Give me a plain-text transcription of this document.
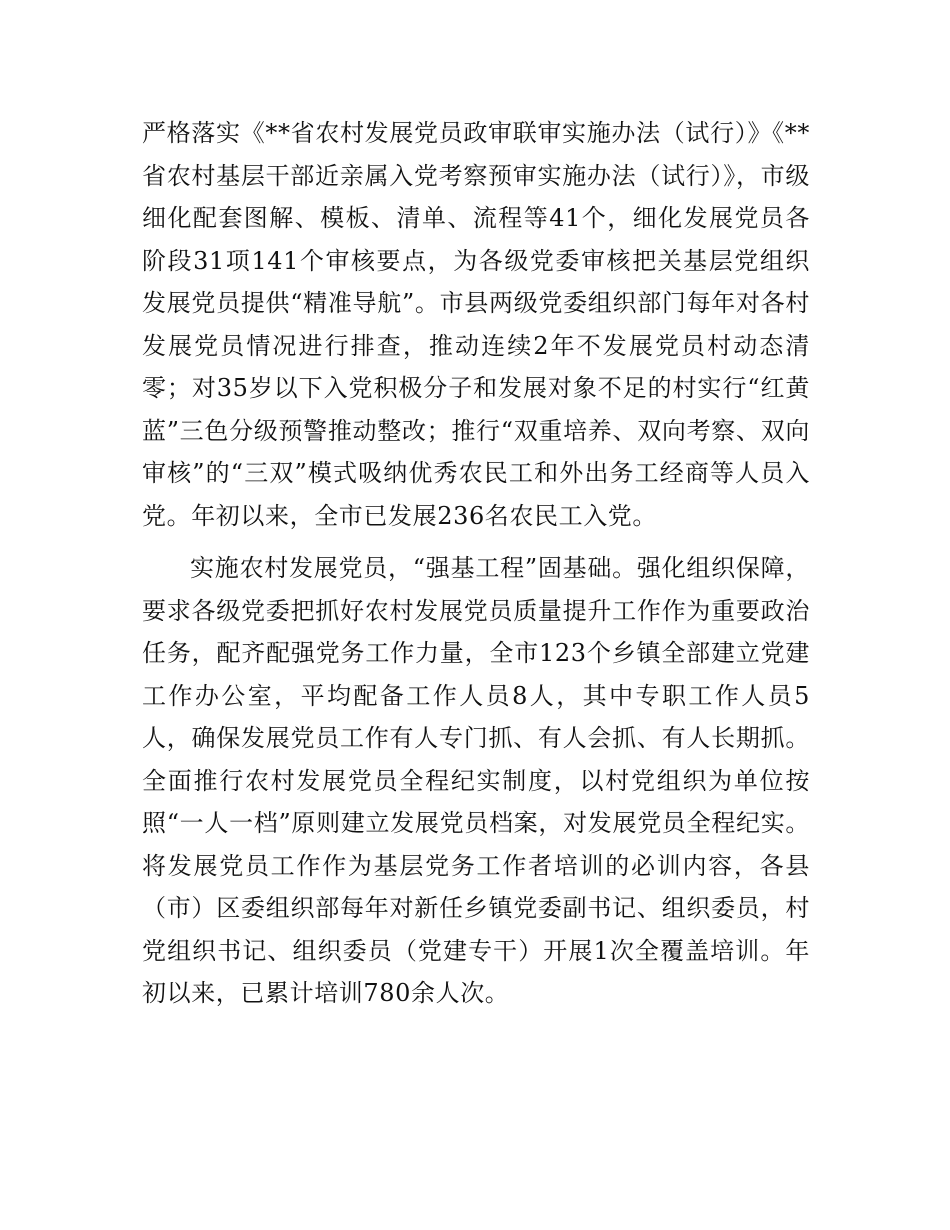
严格落实《**省农村发展党员政审联审实施办法（试行）》《**省农村基层干部近亲属入党考察预审实施办法（试行）》，市级细化配套图解、模板、清单、流程等41个，细化发展党员各阶段31项141个审核要点，为各级党委审核把关基层党组织发展党员提供“精准导航”。市县两级党委组织部门每年对各村发展党员情况进行排查，推动连续2年不发展党员村动态清零；对35岁以下入党积极分子和发展对象不足的村实行“红黄蓝”三色分级预警推动整改；推行“双重培养、双向考察、双向审核”的“三双”模式吸纳优秀农民工和外出务工经商等人员入党。年初以来，全市已发展236名农民工入党。

实施农村发展党员，“强基工程”固基础。强化组织保障，要求各级党委把抓好农村发展党员质量提升工作作为重要政治任务，配齐配强党务工作力量，全市123个乡镇全部建立党建工作办公室，平均配备工作人员8人，其中专职工作人员5人，确保发展党员工作有人专门抓、有人会抓、有人长期抓。全面推行农村发展党员全程纪实制度，以村党组织为单位按照“一人一档”原则建立发展党员档案，对发展党员全程纪实。将发展党员工作作为基层党务工作者培训的必训内容，各县（市）区委组织部每年对新任乡镇党委副书记、组织委员，村党组织书记、组织委员（党建专干）开展1次全覆盖培训。年初以来，已累计培训780余人次。
